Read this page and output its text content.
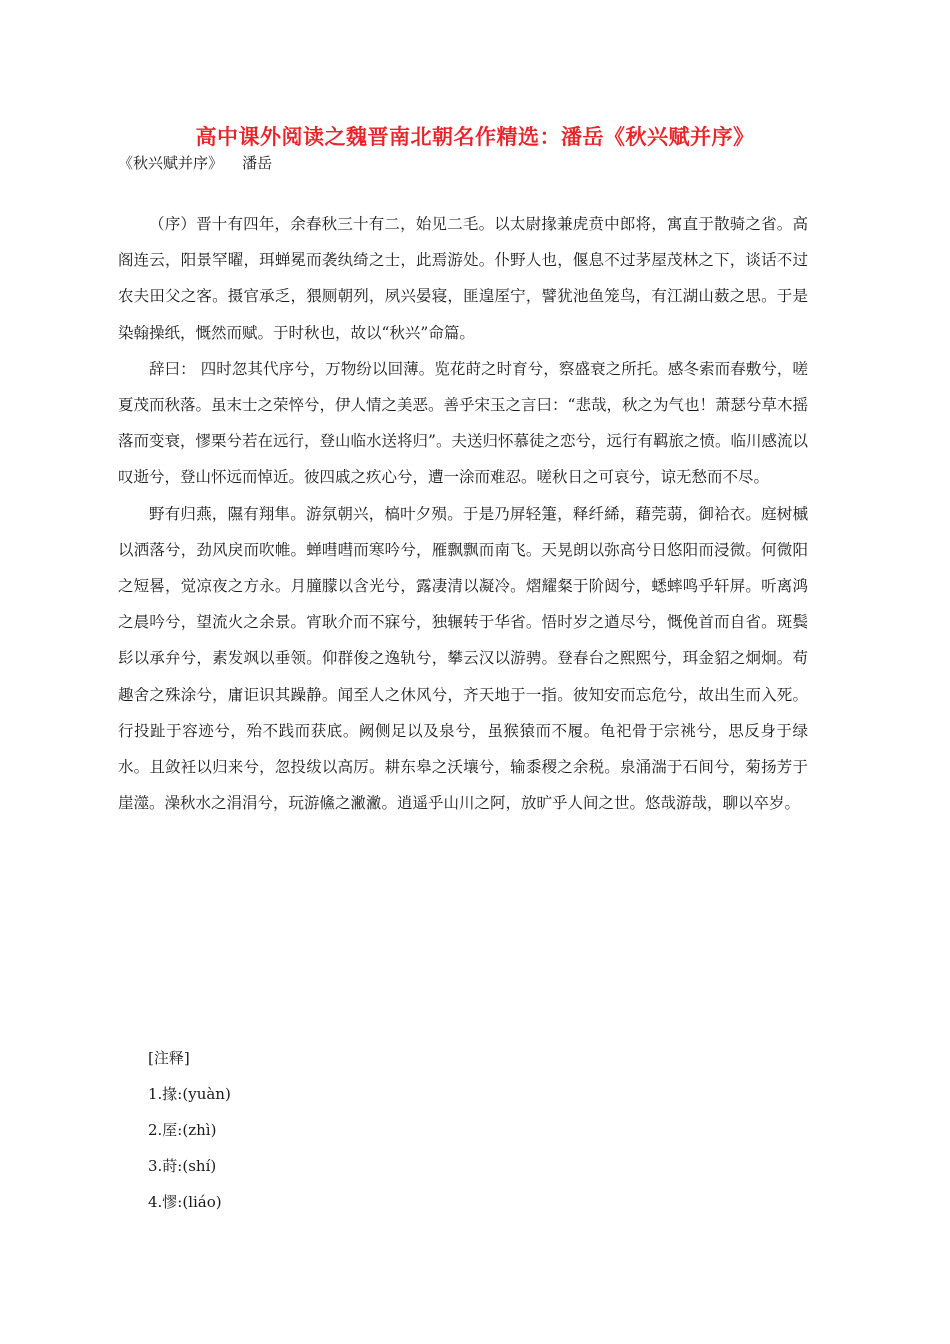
高中课外阅读之魏晋南北朝名作精选：潘岳《秋兴赋并序》
《秋兴赋并序》    潘岳

（序）晋十有四年，余春秋三十有二，始见二毛。以太尉掾兼虎贲中郎将，寓直于散骑之省。高阁连云，阳景罕曜，珥蝉冕而袭纨绮之士，此焉游处。仆野人也，偃息不过茅屋茂林之下，谈话不过农夫田父之客。摄官承乏，猥厕朝列，夙兴晏寝，匪遑厔宁，譬犹池鱼笼鸟，有江湖山薮之思。于是染翰操纸，慨然而赋。于时秋也，故以“秋兴”命篇。

辞曰： 四时忽其代序兮，万物纷以回薄。览花莳之时育兮，察盛衰之所托。感冬索而春敷兮，嗟夏茂而秋落。虽末士之荣悴兮，伊人情之美恶。善乎宋玉之言曰：“悲哉，秋之为气也！萧瑟兮草木摇落而变衰，憀栗兮若在远行，登山临水送将归”。夫送归怀慕徒之恋兮，远行有羁旅之愤。临川感流以叹逝兮，登山怀远而悼近。彼四戚之疚心兮，遭一涂而难忍。嗟秋日之可哀兮，谅无愁而不尽。

野有归燕，隰有翔隼。游氛朝兴，槁叶夕殒。于是乃屏轻箑，释纤絺，藉莞蒻，御袷衣。庭树槭以洒落兮，劲风戾而吹帷。蝉嘒嘒而寒吟兮，雁飘飘而南飞。天晃朗以弥高兮日悠阳而浸微。何微阳之短晷，觉凉夜之方永。月朣朦以含光兮，露凄清以凝冷。熠耀粲于阶闼兮，蟋蟀鸣乎轩屏。听离鸿之晨吟兮，望流火之余景。宵耿介而不寐兮，独辗转于华省。悟时岁之遒尽兮，慨俛首而自省。斑鬓髟以承弁兮，素发飒以垂领。仰群俊之逸轨兮，攀云汉以游骋。登春台之熙熙兮，珥金貂之炯炯。苟趣舍之殊涂兮，庸讵识其躁静。闻至人之休风兮，齐天地于一指。彼知安而忘危兮，故出生而入死。行投趾于容迹兮，殆不践而获底。阙侧足以及泉兮，虽猴猿而不履。龟祀骨于宗祧兮，思反身于绿水。且敛衽以归来兮，忽投绂以高厉。耕东皋之沃壤兮，输黍稷之余税。泉涌湍于石间兮，菊扬芳于崖澨。澡秋水之涓涓兮，玩游鯈之潎潎。逍遥乎山川之阿，放旷乎人间之世。悠哉游哉，聊以卒岁。

[注释]
1.掾:(yuàn)
2.厔:(zhì)
3.莳:(shí)
4.憀:(liáo)
